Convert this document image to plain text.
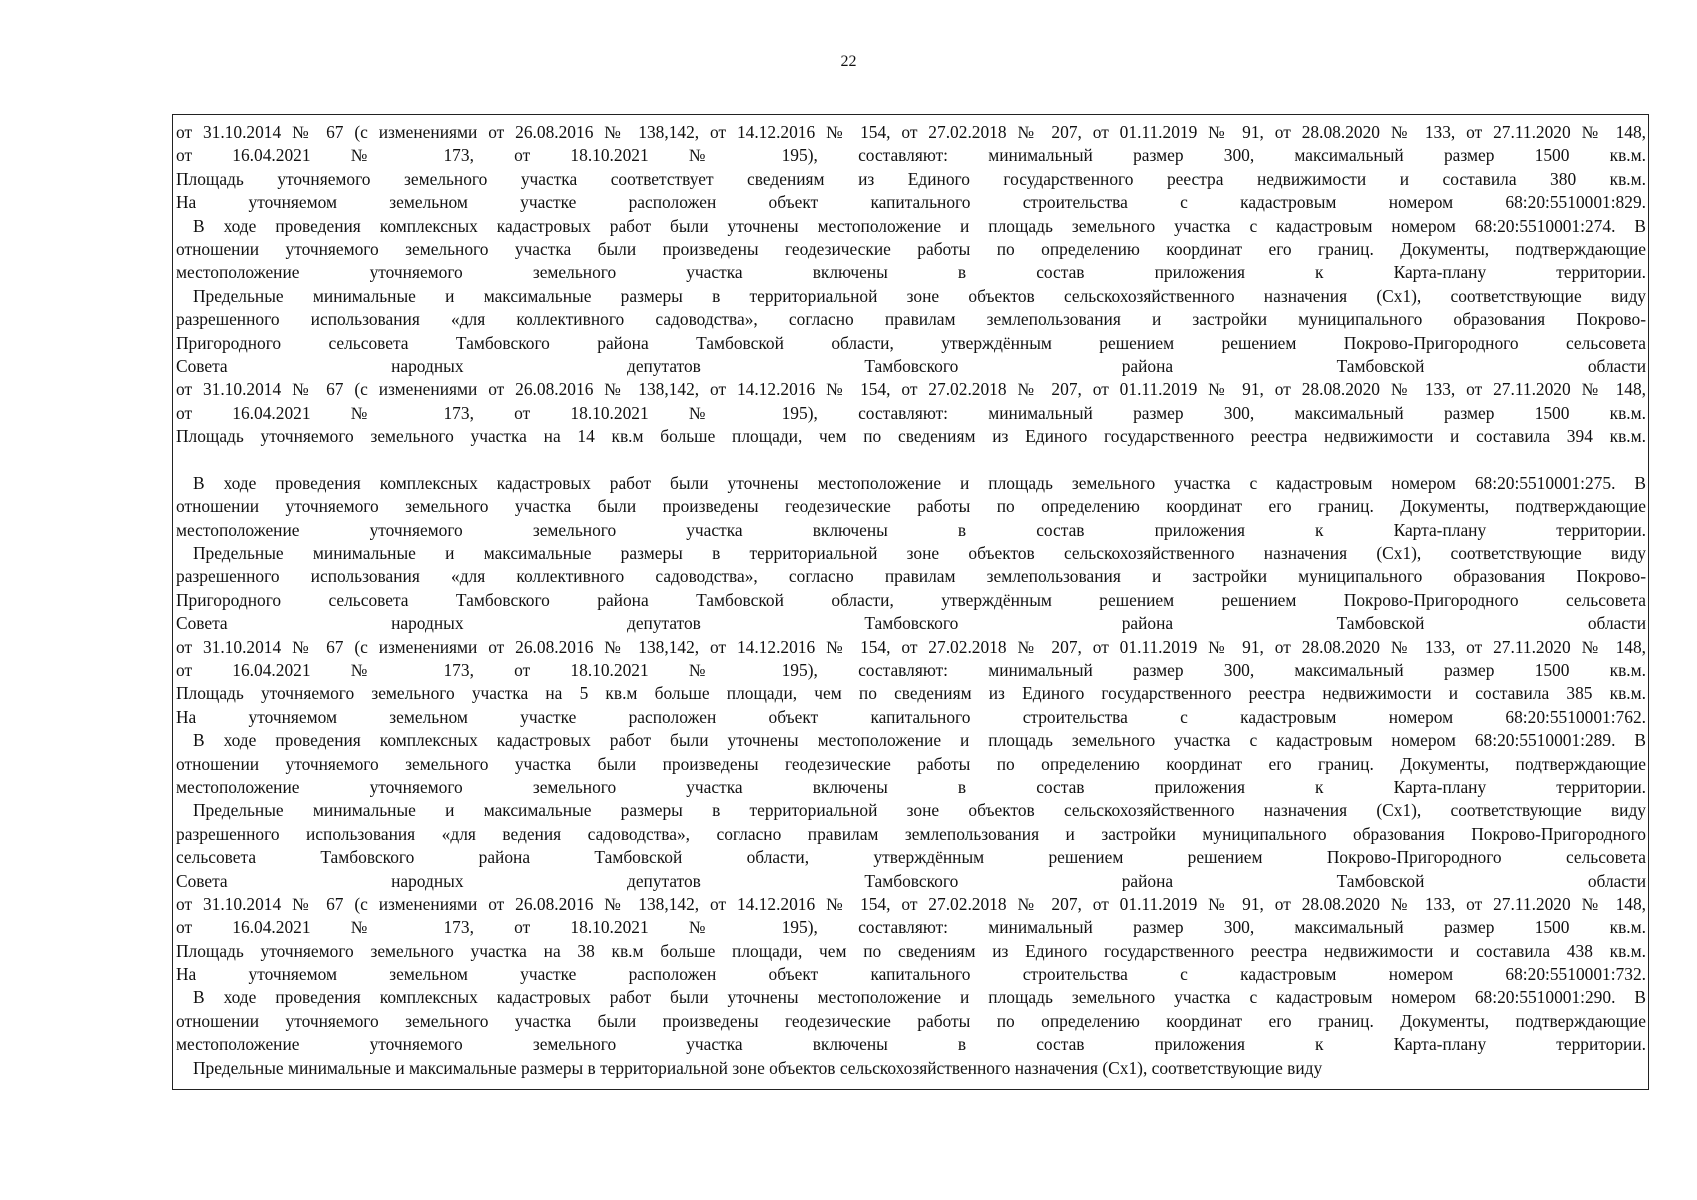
22
от 31.10.2014 № 67 (с изменениями от 26.08.2016 № 138,142, от 14.12.2016 № 154, от 27.02.2018 № 207, от 01.11.2019 № 91, от 28.08.2020 № 133, от 27.11.2020 № 148,
от 16.04.2021 № 173, от 18.10.2021 № 195), составляют: минимальный размер 300, максимальный размер 1500 кв.м.
Площадь уточняемого земельного участка соответствует сведениям из Единого государственного реестра недвижимости и составила 380 кв.м.
На уточняемом земельном участке расположен объект капитального строительства с кадастровым номером 68:20:5510001:829.
В ходе проведения комплексных кадастровых работ были уточнены местоположение и площадь земельного участка с кадастровым номером 68:20:5510001:274. В
отношении уточняемого земельного участка были произведены геодезические работы по определению координат его границ. Документы, подтверждающие
местоположение уточняемого земельного участка включены в состав приложения к Карта-плану территории.
Предельные минимальные и максимальные размеры в территориальной зоне объектов сельскохозяйственного назначения (Сх1), соответствующие виду
разрешенного использования «для коллективного садоводства», согласно правилам землепользования и застройки муниципального образования Покрово-
Пригородного сельсовета Тамбовского района Тамбовской области, утверждённым решением решением Покрово-Пригородного сельсовета
Совета народных депутатов Тамбовского района Тамбовской области
от 31.10.2014 № 67 (с изменениями от 26.08.2016 № 138,142, от 14.12.2016 № 154, от 27.02.2018 № 207, от 01.11.2019 № 91, от 28.08.2020 № 133, от 27.11.2020 № 148,
от 16.04.2021 № 173, от 18.10.2021 № 195), составляют: минимальный размер 300, максимальный размер 1500 кв.м.
Площадь уточняемого земельного участка на 14 кв.м больше площади, чем по сведениям из Единого государственного реестра недвижимости и составила 394 кв.м.
В ходе проведения комплексных кадастровых работ были уточнены местоположение и площадь земельного участка с кадастровым номером 68:20:5510001:275. В
отношении уточняемого земельного участка были произведены геодезические работы по определению координат его границ. Документы, подтверждающие
местоположение уточняемого земельного участка включены в состав приложения к Карта-плану территории.
Предельные минимальные и максимальные размеры в территориальной зоне объектов сельскохозяйственного назначения (Сх1), соответствующие виду
разрешенного использования «для коллективного садоводства», согласно правилам землепользования и застройки муниципального образования Покрово-
Пригородного сельсовета Тамбовского района Тамбовской области, утверждённым решением решением Покрово-Пригородного сельсовета
Совета народных депутатов Тамбовского района Тамбовской области
от 31.10.2014 № 67 (с изменениями от 26.08.2016 № 138,142, от 14.12.2016 № 154, от 27.02.2018 № 207, от 01.11.2019 № 91, от 28.08.2020 № 133, от 27.11.2020 № 148,
от 16.04.2021 № 173, от 18.10.2021 № 195), составляют: минимальный размер 300, максимальный размер 1500 кв.м.
Площадь уточняемого земельного участка на 5 кв.м больше площади, чем по сведениям из Единого государственного реестра недвижимости и составила 385 кв.м.
На уточняемом земельном участке расположен объект капитального строительства с кадастровым номером 68:20:5510001:762.
В ходе проведения комплексных кадастровых работ были уточнены местоположение и площадь земельного участка с кадастровым номером 68:20:5510001:289. В
отношении уточняемого земельного участка были произведены геодезические работы по определению координат его границ. Документы, подтверждающие
местоположение уточняемого земельного участка включены в состав приложения к Карта-плану территории.
Предельные минимальные и максимальные размеры в территориальной зоне объектов сельскохозяйственного назначения (Сх1), соответствующие виду
разрешенного использования «для ведения садоводства», согласно правилам землепользования и застройки муниципального образования Покрово-Пригородного
сельсовета Тамбовского района Тамбовской области, утверждённым решением решением Покрово-Пригородного сельсовета
Совета народных депутатов Тамбовского района Тамбовской области
от 31.10.2014 № 67 (с изменениями от 26.08.2016 № 138,142, от 14.12.2016 № 154, от 27.02.2018 № 207, от 01.11.2019 № 91, от 28.08.2020 № 133, от 27.11.2020 № 148,
от 16.04.2021 № 173, от 18.10.2021 № 195), составляют: минимальный размер 300, максимальный размер 1500 кв.м.
Площадь уточняемого земельного участка на 38 кв.м больше площади, чем по сведениям из Единого государственного реестра недвижимости и составила 438 кв.м.
На уточняемом земельном участке расположен объект капитального строительства с кадастровым номером 68:20:5510001:732.
В ходе проведения комплексных кадастровых работ были уточнены местоположение и площадь земельного участка с кадастровым номером 68:20:5510001:290. В
отношении уточняемого земельного участка были произведены геодезические работы по определению координат его границ. Документы, подтверждающие
местоположение уточняемого земельного участка включены в состав приложения к Карта-плану территории.
Предельные минимальные и максимальные размеры в территориальной зоне объектов сельскохозяйственного назначения (Сх1), соответствующие виду
